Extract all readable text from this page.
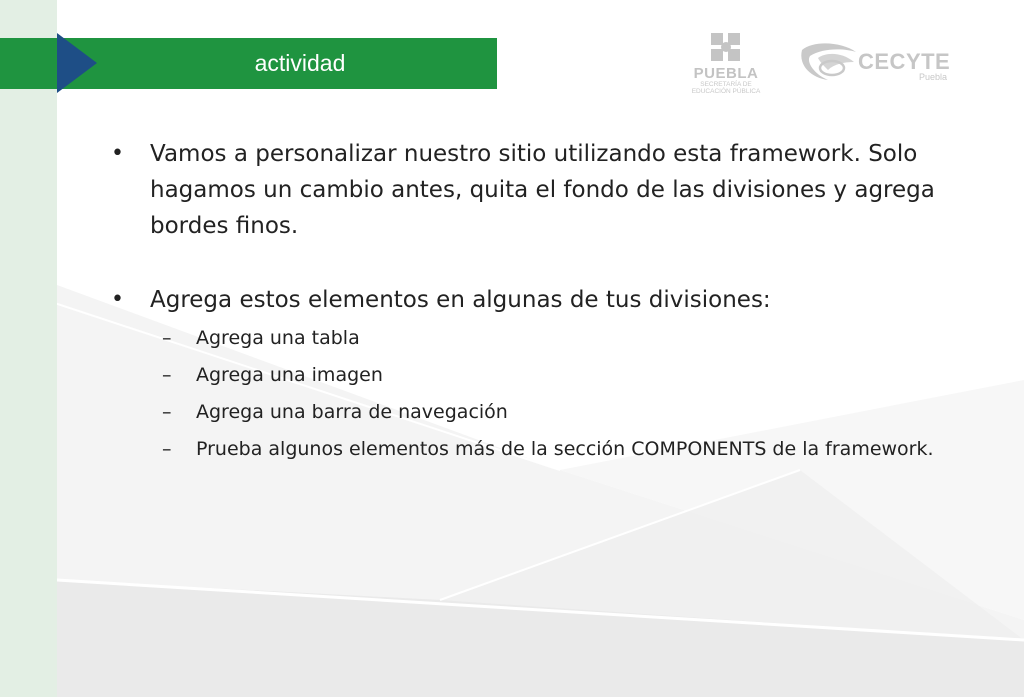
actividad	PUEBLA
SECRETARÍA DE
EDUCACIÓN PÚBLICA
CECYTE
Puebla
• Vamos a personalizar nuestro sitio utilizando esta framework. Solo hagamos un cambio antes, quita el fondo de las divisiones y agrega bordes finos.
• Agrega estos elementos en algunas de tus divisiones:
– Agrega una tabla
– Agrega una imagen
– Agrega una barra de navegación
– Prueba algunos elementos más de la sección COMPONENTS de la framework.
